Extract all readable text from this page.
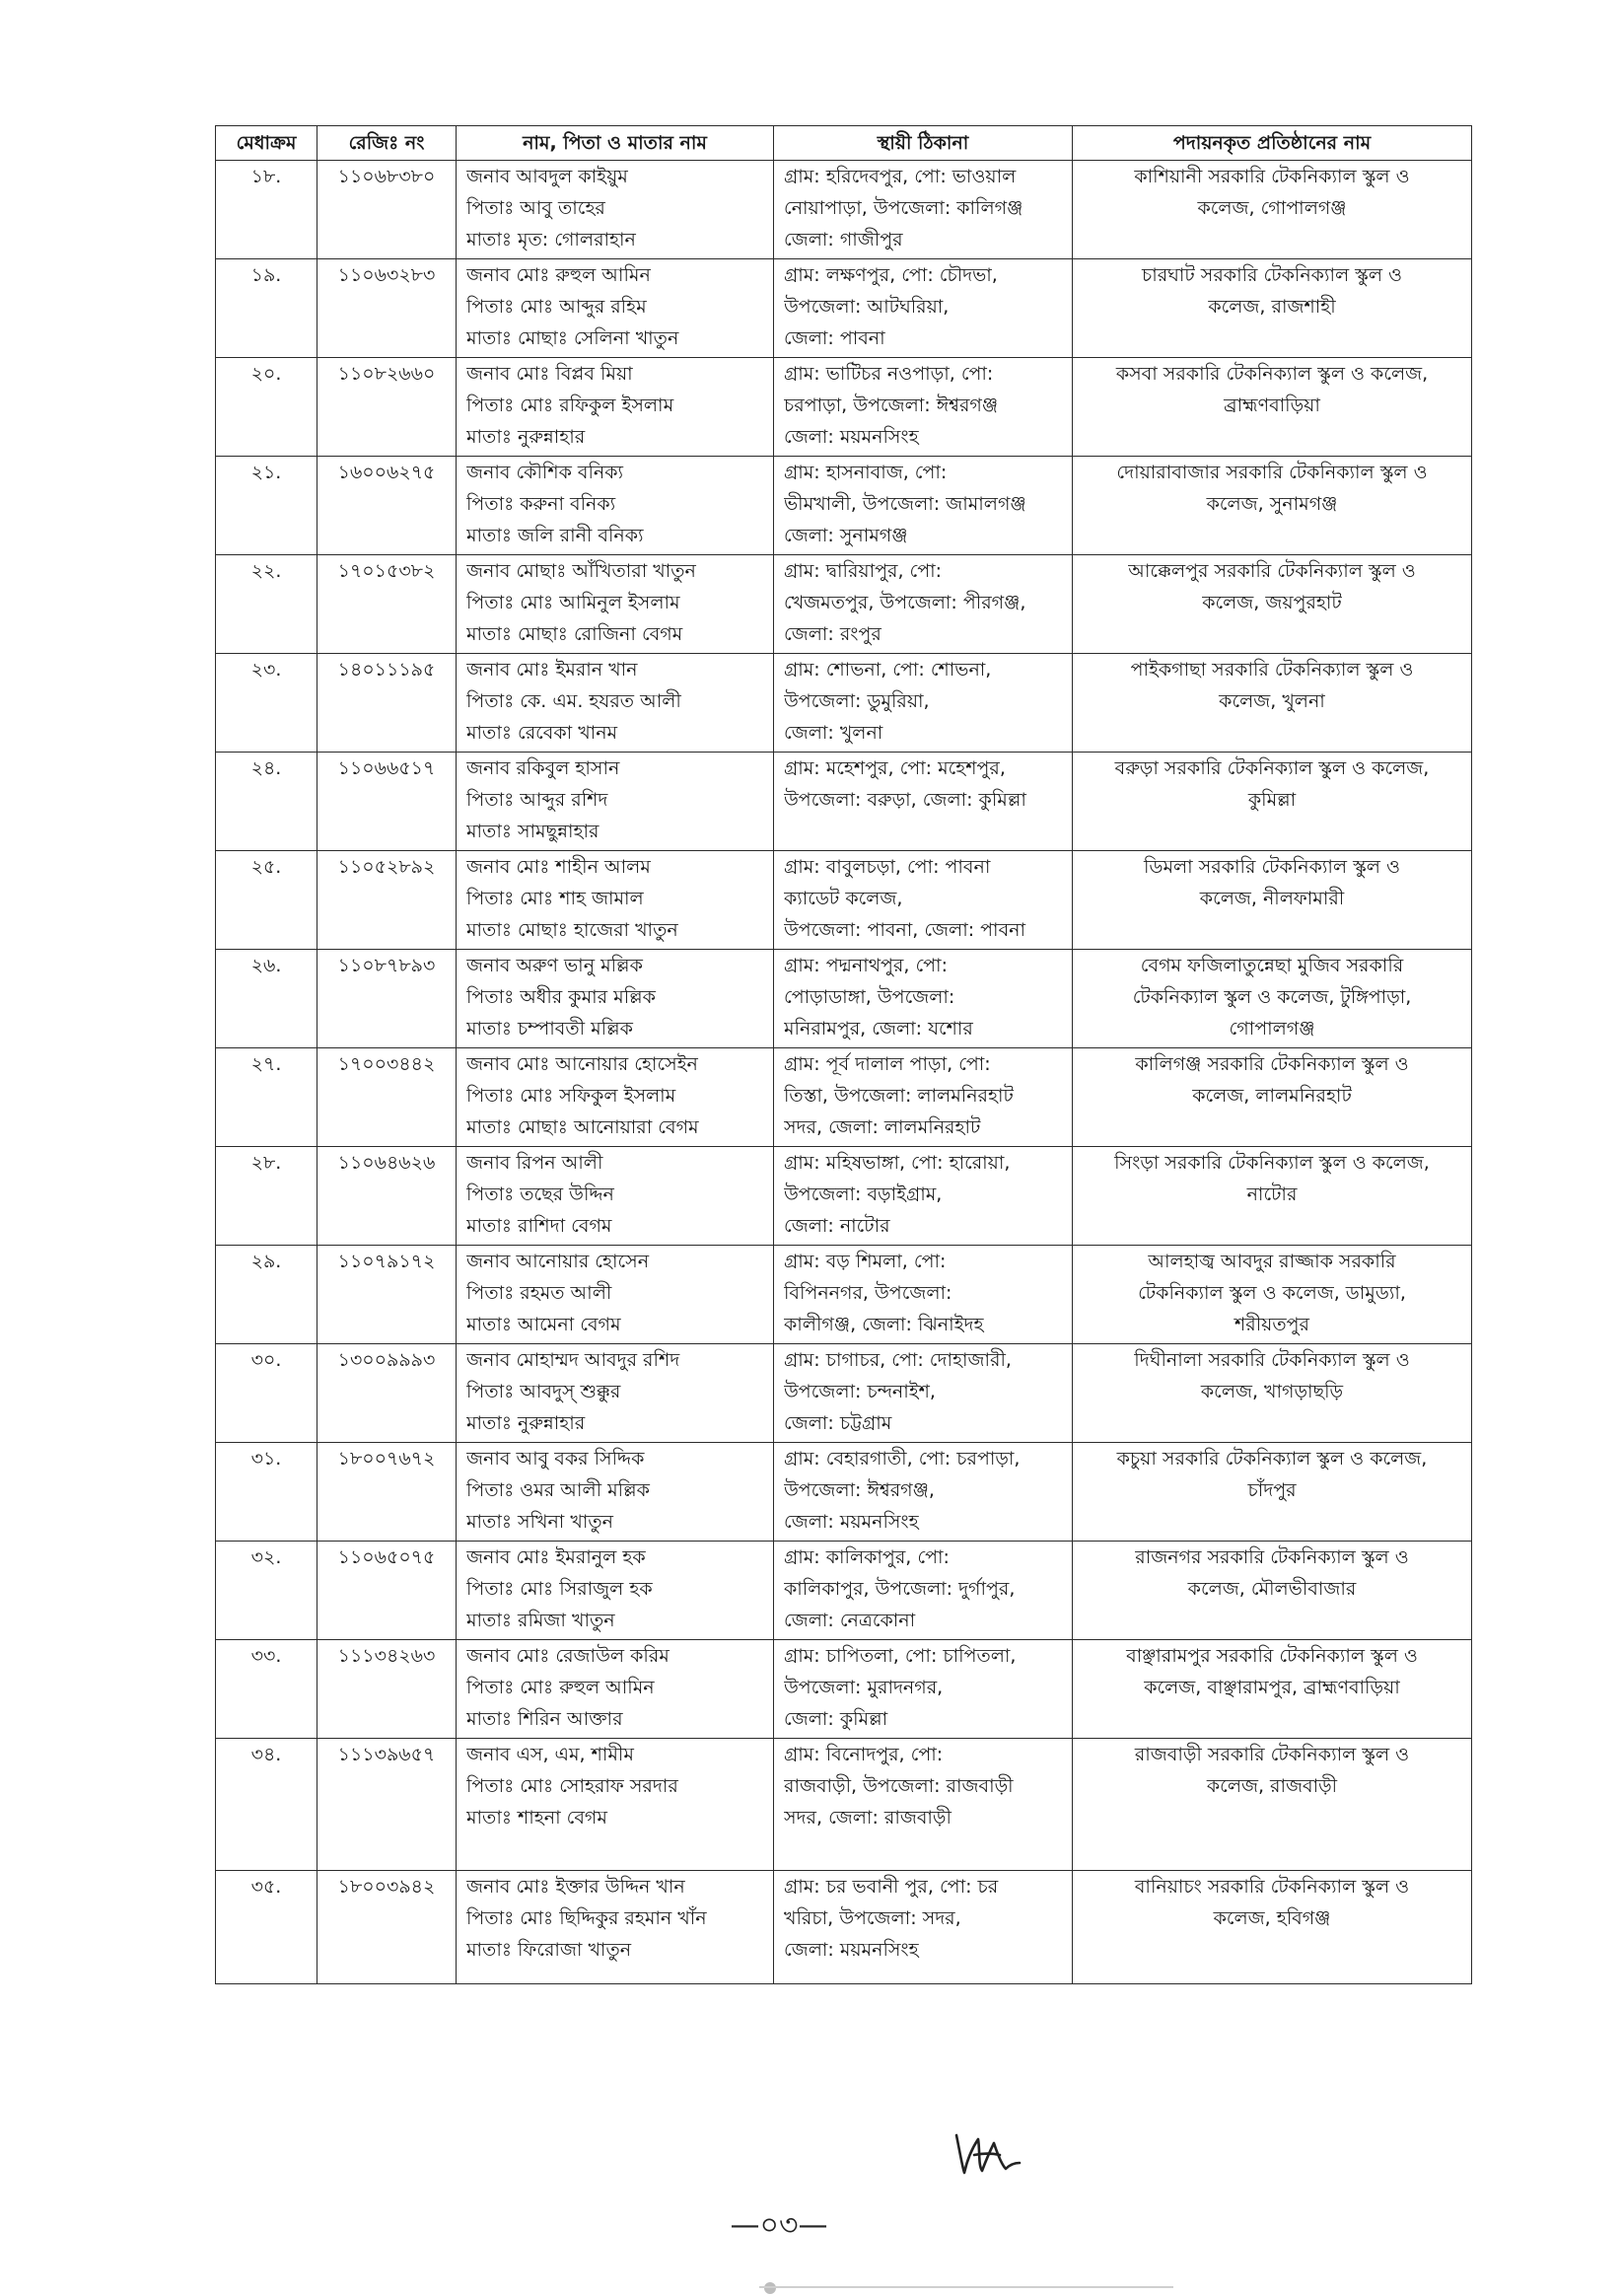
মেধাক্রম	রেজিঃ নং	নাম, পিতা ও মাতার নাম	স্থায়ী ঠিকানা	পদায়নকৃত প্রতিষ্ঠানের নাম
১৮.	১১০৬৮৩৮০	জনাব আবদুল কাইয়ুম
পিতাঃ আবু তাহের
মাতাঃ মৃত: গোলরাহান	গ্রাম: হরিদেবপুর, পো: ভাওয়াল
নোয়াপাড়া, উপজেলা: কালিগঞ্জ
জেলা: গাজীপুর	কাশিয়ানী সরকারি টেকনিক্যাল স্কুল ও
কলেজ, গোপালগঞ্জ

১৯.	১১০৬৩২৮৩	জনাব মোঃ রুহুল আমিন
পিতাঃ মোঃ আব্দুর রহিম
মাতাঃ মোছাঃ সেলিনা খাতুন	গ্রাম: লক্ষণপুর, পো: চৌদভা,
উপজেলা: আটঘরিয়া,
জেলা: পাবনা	চারঘাট সরকারি টেকনিক্যাল স্কুল ও
কলেজ, রাজশাহী

২০.	১১০৮২৬৬০	জনাব মোঃ বিপ্লব মিয়া
পিতাঃ মোঃ রফিকুল ইসলাম
মাতাঃ নুরুন্নাহার	গ্রাম: ভাটিচর নওপাড়া, পো:
চরপাড়া, উপজেলা: ঈশ্বরগঞ্জ
জেলা: ময়মনসিংহ	কসবা সরকারি টেকনিক্যাল স্কুল ও কলেজ,
ব্রাহ্মণবাড়িয়া

২১.	১৬০০৬২৭৫	জনাব কৌশিক বনিক্য
পিতাঃ করুনা বনিক্য
মাতাঃ জলি রানী বনিক্য	গ্রাম: হাসনাবাজ, পো:
ভীমখালী, উপজেলা: জামালগঞ্জ
জেলা: সুনামগঞ্জ	দোয়ারাবাজার সরকারি টেকনিক্যাল স্কুল ও
কলেজ, সুনামগঞ্জ

২২.	১৭০১৫৩৮২	জনাব মোছাঃ আঁখিতারা খাতুন
পিতাঃ মোঃ আমিনুল ইসলাম
মাতাঃ মোছাঃ রোজিনা বেগম	গ্রাম: দ্বারিয়াপুর, পো:
খেজমতপুর, উপজেলা: পীরগঞ্জ,
জেলা: রংপুর	আক্কেলপুর সরকারি টেকনিক্যাল স্কুল ও
কলেজ, জয়পুরহাট

২৩.	১৪০১১১৯৫	জনাব মোঃ ইমরান খান
পিতাঃ কে. এম. হযরত আলী
মাতাঃ রেবেকা খানম	গ্রাম: শোভনা, পো: শোভনা,
উপজেলা: ডুমুরিয়া,
জেলা: খুলনা	পাইকগাছা সরকারি টেকনিক্যাল স্কুল ও
কলেজ, খুলনা

২৪.	১১০৬৬৫১৭	জনাব রকিবুল হাসান
পিতাঃ আব্দুর রশিদ
মাতাঃ সামছুন্নাহার	গ্রাম: মহেশপুর, পো: মহেশপুর,
উপজেলা: বরুড়া, জেলা: কুমিল্লা	বরুড়া সরকারি টেকনিক্যাল স্কুল ও কলেজ,
কুমিল্লা

২৫.	১১০৫২৮৯২	জনাব মোঃ শাহীন আলম
পিতাঃ মোঃ শাহ জামাল
মাতাঃ মোছাঃ হাজেরা খাতুন	গ্রাম: বাবুলচড়া, পো: পাবনা
ক্যাডেট কলেজ,
উপজেলা: পাবনা, জেলা: পাবনা	ডিমলা সরকারি টেকনিক্যাল স্কুল ও
কলেজ, নীলফামারী

২৬.	১১০৮৭৮৯৩	জনাব অরুণ ভানু মল্লিক
পিতাঃ অধীর কুমার মল্লিক
মাতাঃ চম্পাবতী মল্লিক	গ্রাম: পদ্মনাথপুর, পো:
পোড়াডাঙ্গা, উপজেলা:
মনিরামপুর, জেলা: যশোর	বেগম ফজিলাতুন্নেছা মুজিব সরকারি
টেকনিক্যাল স্কুল ও কলেজ, টুঙ্গিপাড়া,
গোপালগঞ্জ

২৭.	১৭০০৩৪৪২	জনাব মোঃ আনোয়ার হোসেইন
পিতাঃ মোঃ সফিকুল ইসলাম
মাতাঃ মোছাঃ আনোয়ারা বেগম	গ্রাম: পূর্ব দালাল পাড়া, পো:
তিস্তা, উপজেলা: লালমনিরহাট
সদর, জেলা: লালমনিরহাট	কালিগঞ্জ সরকারি টেকনিক্যাল স্কুল ও
কলেজ, লালমনিরহাট

২৮.	১১০৬৪৬২৬	জনাব রিপন আলী
পিতাঃ তছের উদ্দিন
মাতাঃ রাশিদা বেগম	গ্রাম: মহিষভাঙ্গা, পো: হারোয়া,
উপজেলা: বড়াইগ্রাম,
জেলা: নাটোর	সিংড়া সরকারি টেকনিক্যাল স্কুল ও কলেজ,
নাটোর

২৯.	১১০৭৯১৭২	জনাব আনোয়ার হোসেন
পিতাঃ রহমত আলী
মাতাঃ আমেনা বেগম	গ্রাম: বড় শিমলা, পো:
বিপিননগর, উপজেলা:
কালীগঞ্জ, জেলা: ঝিনাইদহ	আলহাজ্ব আবদুর রাজ্জাক সরকারি
টেকনিক্যাল স্কুল ও কলেজ, ডামুড্যা,
শরীয়তপুর

৩০.	১৩০০৯৯৯৩	জনাব মোহাম্মদ আবদুর রশিদ
পিতাঃ আবদুস্ শুক্কুর
মাতাঃ নুরুন্নাহার	গ্রাম: চাগাচর, পো: দোহাজারী,
উপজেলা: চন্দনাইশ,
জেলা: চট্টগ্রাম	দিঘীনালা সরকারি টেকনিক্যাল স্কুল ও
কলেজ, খাগড়াছড়ি

৩১.	১৮০০৭৬৭২	জনাব আবু বকর সিদ্দিক
পিতাঃ ওমর আলী মল্লিক
মাতাঃ সখিনা খাতুন	গ্রাম: বেহারগাতী, পো: চরপাড়া,
উপজেলা: ঈশ্বরগঞ্জ,
জেলা: ময়মনসিংহ	কচুয়া সরকারি টেকনিক্যাল স্কুল ও কলেজ,
চাঁদপুর

৩২.	১১০৬৫০৭৫	জনাব মোঃ ইমরানুল হক
পিতাঃ মোঃ সিরাজুল হক
মাতাঃ রমিজা খাতুন	গ্রাম: কালিকাপুর, পো:
কালিকাপুর, উপজেলা: দুর্গাপুর,
জেলা: নেত্রকোনা	রাজনগর সরকারি টেকনিক্যাল স্কুল ও
কলেজ, মৌলভীবাজার

৩৩.	১১১৩৪২৬৩	জনাব মোঃ রেজাউল করিম
পিতাঃ মোঃ রুহুল আমিন
মাতাঃ শিরিন আক্তার	গ্রাম: চাপিতলা, পো: চাপিতলা,
উপজেলা: মুরাদনগর,
জেলা: কুমিল্লা	বাঞ্ছারামপুর সরকারি টেকনিক্যাল স্কুল ও
কলেজ, বাঞ্ছারামপুর, ব্রাহ্মণবাড়িয়া

৩৪.	১১১৩৯৬৫৭	জনাব এস, এম, শামীম
পিতাঃ মোঃ সোহরাফ সরদার
মাতাঃ শাহনা বেগম	গ্রাম: বিনোদপুর, পো:
রাজবাড়ী, উপজেলা: রাজবাড়ী
সদর, জেলা: রাজবাড়ী	রাজবাড়ী সরকারি টেকনিক্যাল স্কুল ও
কলেজ, রাজবাড়ী

৩৫.	১৮০০৩৯৪২	জনাব মোঃ ইক্তার উদ্দিন খান
পিতাঃ মোঃ ছিদ্দিকুর রহমান খাঁন
মাতাঃ ফিরোজা খাতুন	গ্রাম: চর ভবানী পুর, পো: চর
খরিচা, উপজেলা: সদর,
জেলা: ময়মনসিংহ	বানিয়াচং সরকারি টেকনিক্যাল স্কুল ও
কলেজ, হবিগঞ্জ
—০৩—
